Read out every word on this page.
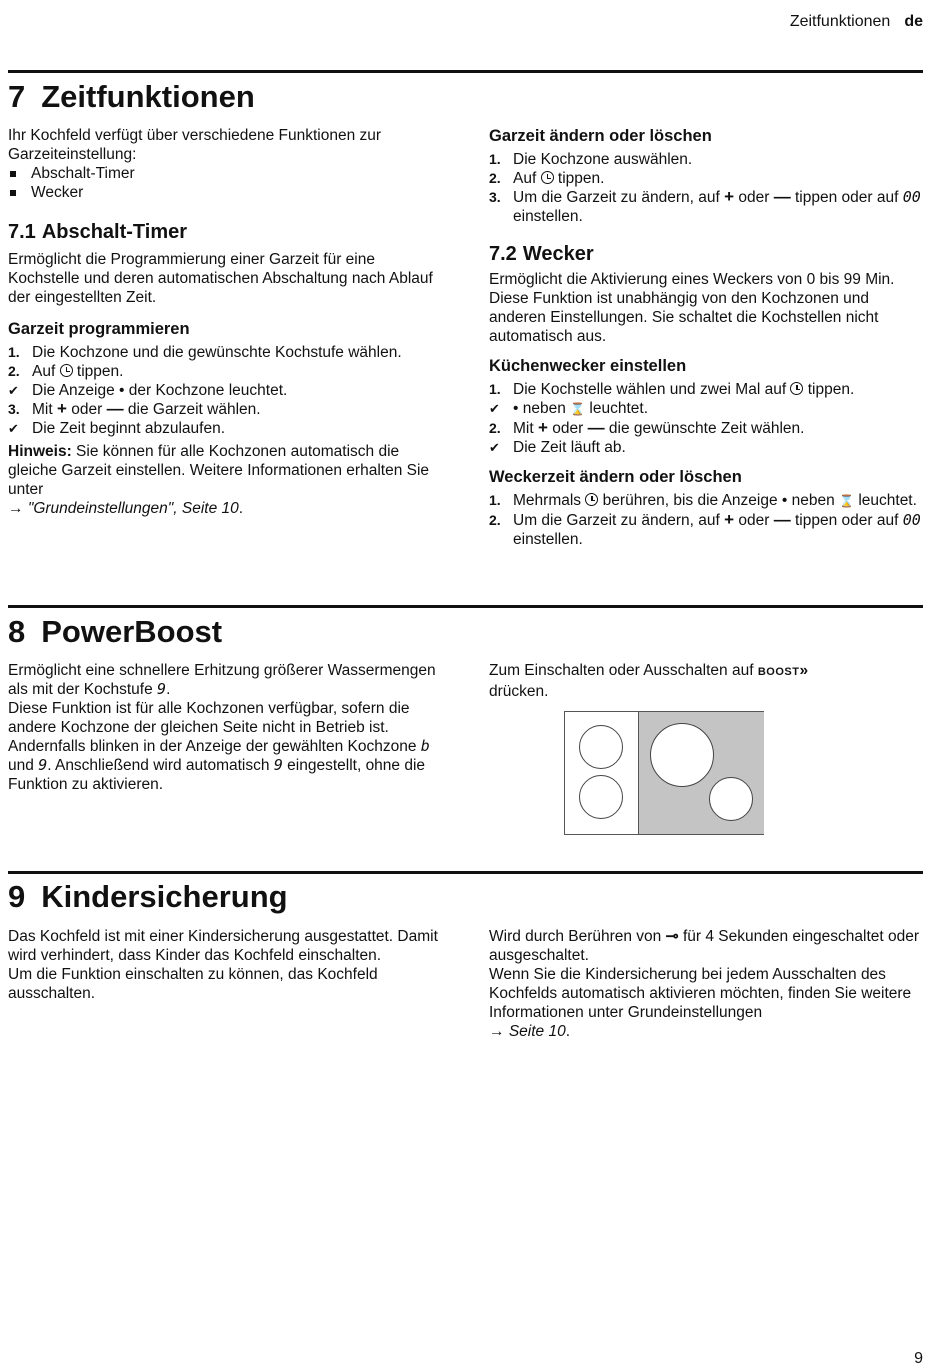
Zeitfunktionen de
7 Zeitfunktionen

Ihr Kochfeld verfügt über verschiedene Funktionen zur Garzeiteinstellung:

Abschalt-Timer
Wecker
7.1 Abschalt-Timer

Ermöglicht die Programmierung einer Garzeit für eine Kochstelle und deren automatischen Abschaltung nach Ablauf der eingestellten Zeit.

Garzeit programmieren
1. Die Kochzone und die gewünschte Kochstufe wählen.
2. Auf tippen.
✔ Die Anzeige • der Kochzone leuchtet.
3. Mit + oder — die Garzeit wählen.
✔ Die Zeit beginnt abzulaufen.

Hinweis: Sie können für alle Kochzonen automatisch die gleiche Garzeit einstellen. Weitere Informationen erhalten Sie unter
→ "Grundeinstellungen", Seite 10.

Garzeit ändern oder löschen
1. Die Kochzone auswählen.
2. Auf tippen.
3. Um die Garzeit zu ändern, auf + oder — tippen oder auf 00 einstellen.
7.2 Wecker

Ermöglicht die Aktivierung eines Weckers von 0 bis 99 Min. Diese Funktion ist unabhängig von den Kochzonen und anderen Einstellungen. Sie schaltet die Kochstellen nicht automatisch aus.

Küchenwecker einstellen
1. Die Kochstelle wählen und zwei Mal auf tippen.
✔ • neben ⌛ leuchtet.
2. Mit + oder — die gewünschte Zeit wählen.
✔ Die Zeit läuft ab.
Weckerzeit ändern oder löschen
1. Mehrmals berühren, bis die Anzeige • neben ⌛ leuchtet.
2. Um die Garzeit zu ändern, auf + oder — tippen oder auf 00 einstellen.
8 PowerBoost

Ermöglicht eine schnellere Erhitzung größerer Wassermengen als mit der Kochstufe 9.

Diese Funktion ist für alle Kochzonen verfügbar, sofern die andere Kochzone der gleichen Seite nicht in Betrieb ist.

Andernfalls blinken in der Anzeige der gewählten Kochzone b und 9. Anschließend wird automatisch 9 eingestellt, ohne die Funktion zu aktivieren.

Zum Einschalten oder Ausschalten auf BOOST»
drücken.

9 Kindersicherung

Das Kochfeld ist mit einer Kindersicherung ausgestattet. Damit wird verhindert, dass Kinder das Kochfeld einschalten.

Um die Funktion einschalten zu können, das Kochfeld ausschalten.

Wird durch Berühren von ⊸ für 4 Sekunden eingeschaltet oder ausgeschaltet.

Wenn Sie die Kindersicherung bei jedem Ausschalten des Kochfelds automatisch aktivieren möchten, finden Sie weitere Informationen unter Grundeinstellungen
→ Seite 10.

9
